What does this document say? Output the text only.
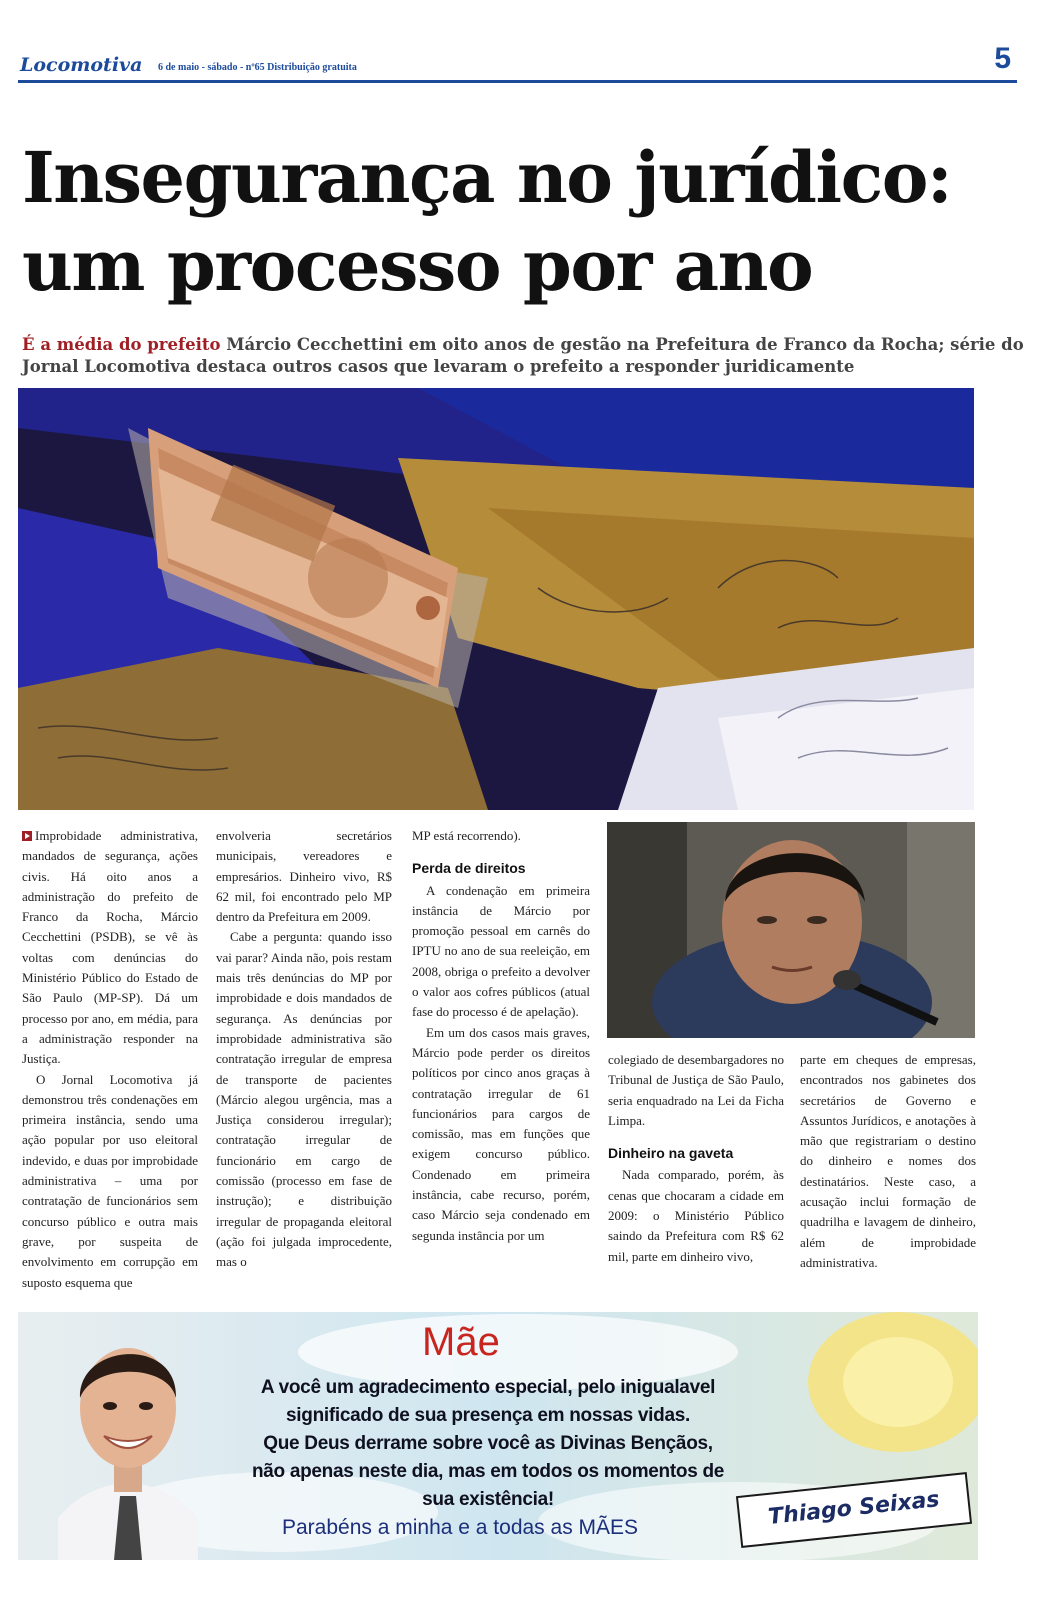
Locomotiva 6 de maio - sábado - nº65 Distribuição gratuita	5
Insegurança no jurídico: um processo por ano
É a média do prefeito Márcio Cecchettini em oito anos de gestão na Prefeitura de Franco da Rocha; série do Jornal Locomotiva destaca outros casos que levaram o prefeito a responder juridicamente

Improbidade administrativa, mandados de segurança, ações civis. Há oito anos a administração do prefeito de Franco da Rocha, Márcio Cecchettini (PSDB), se vê às voltas com denúncias do Ministério Público do Estado de São Paulo (MP-SP). Dá um processo por ano, em média, para a administração responder na Justiça.

O Jornal Locomotiva já demonstrou três condenações em primeira instância, sendo uma ação popular por uso eleitoral indevido, e duas por improbidade administrativa – uma por contratação de funcionários sem concurso público e outra mais grave, por suspeita de envolvimento em corrupção em suposto esquema que

envolveria secretários municipais, vereadores e empresários. Dinheiro vivo, R$ 62 mil, foi encontrado pelo MP dentro da Prefeitura em 2009.

Cabe a pergunta: quando isso vai parar? Ainda não, pois restam mais três denúncias do MP por improbidade e dois mandados de segurança. As denúncias por improbidade administrativa são contratação irregular de empresa de transporte de pacientes (Márcio alegou urgência, mas a Justiça considerou irregular); contratação irregular de funcionário em cargo de comissão (processo em fase de instrução); e distribuição irregular de propaganda eleitoral (ação foi julgada improcedente, mas o

MP está recorrendo).

Perda de direitos

A condenação em primeira instância de Márcio por promoção pessoal em carnês do IPTU no ano de sua reeleição, em 2008, obriga o prefeito a devolver o valor aos cofres públicos (atual fase do processo é de apelação).

Em um dos casos mais graves, Márcio pode perder os direitos políticos por cinco anos graças à contratação irregular de 61 funcionários para cargos de comissão, mas em funções que exigem concurso público. Condenado em primeira instância, cabe recurso, porém, caso Márcio seja condenado em segunda instância por um

colegiado de desembargadores no Tribunal de Justiça de São Paulo, seria enquadrado na Lei da Ficha Limpa.

Dinheiro na gaveta

Nada comparado, porém, às cenas que chocaram a cidade em 2009: o Ministério Público saindo da Prefeitura com R$ 62 mil, parte em dinheiro vivo,

parte em cheques de empresas, encontrados nos gabinetes dos secretários de Governo e Assuntos Jurídicos, e anotações à mão que registrariam o destino do dinheiro e nomes dos destinatários. Neste caso, a acusação inclui formação de quadrilha e lavagem de dinheiro, além de improbidade administrativa.

Mãe
A você um agradecimento especial, pelo inigualavel
significado de sua presença em nossas vidas.
Que Deus derrame sobre você as Divinas Bençãos,
não apenas neste dia, mas em todos os momentos de
sua existência!	Thiago Seixas
Parabéns a minha e a todas as MÃES
